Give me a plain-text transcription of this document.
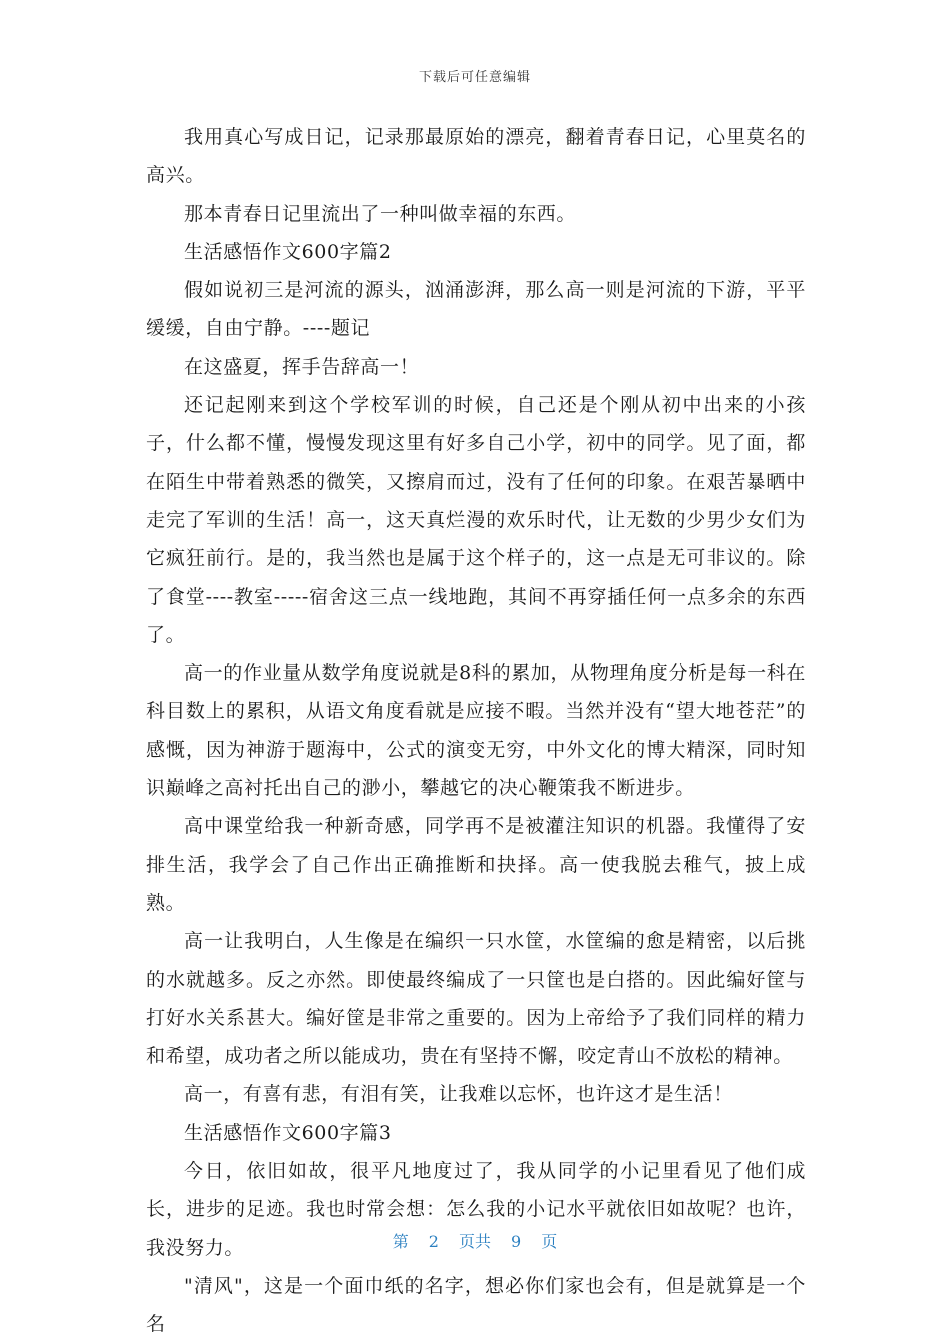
下载后可任意编辑

我用真心写成日记，记录那最原始的漂亮，翻着青春日记，心里莫名的高兴。

那本青春日记里流出了一种叫做幸福的东西。

生活感悟作文600字篇2

假如说初三是河流的源头，汹涌澎湃，那么高一则是河流的下游，平平缓缓，自由宁静。----题记

在这盛夏，挥手告辞高一！

还记起刚来到这个学校军训的时候，自己还是个刚从初中出来的小孩子，什么都不懂，慢慢发现这里有好多自己小学，初中的同学。见了面，都在陌生中带着熟悉的微笑，又擦肩而过，没有了任何的印象。在艰苦暴晒中走完了军训的生活！高一，这天真烂漫的欢乐时代，让无数的少男少女们为它疯狂前行。是的，我当然也是属于这个样子的，这一点是无可非议的。除了食堂----教室-----宿舍这三点一线地跑，其间不再穿插任何一点多余的东西了。

高一的作业量从数学角度说就是8科的累加，从物理角度分析是每一科在科目数上的累积，从语文角度看就是应接不暇。当然并没有“望大地苍茫”的感慨，因为神游于题海中，公式的演变无穷，中外文化的博大精深，同时知识巅峰之高衬托出自己的渺小，攀越它的决心鞭策我不断进步。

高中课堂给我一种新奇感，同学再不是被灌注知识的机器。我懂得了安排生活，我学会了自己作出正确推断和抉择。高一使我脱去稚气，披上成熟。

高一让我明白，人生像是在编织一只水筐，水筐编的愈是精密，以后挑的水就越多。反之亦然。即使最终编成了一只筐也是白搭的。因此编好筐与打好水关系甚大。编好筐是非常之重要的。因为上帝给予了我们同样的精力和希望，成功者之所以能成功，贵在有坚持不懈，咬定青山不放松的精神。

高一，有喜有悲，有泪有笑，让我难以忘怀，也许这才是生活！

生活感悟作文600字篇3

今日，依旧如故，很平凡地度过了，我从同学的小记里看见了他们成长，进步的足迹。我也时常会想：怎么我的小记水平就依旧如故呢？也许，我没努力。

"清风"，这是一个面巾纸的名字，想必你们家也会有，但是就算是一个名

第 2 页共 9 页
